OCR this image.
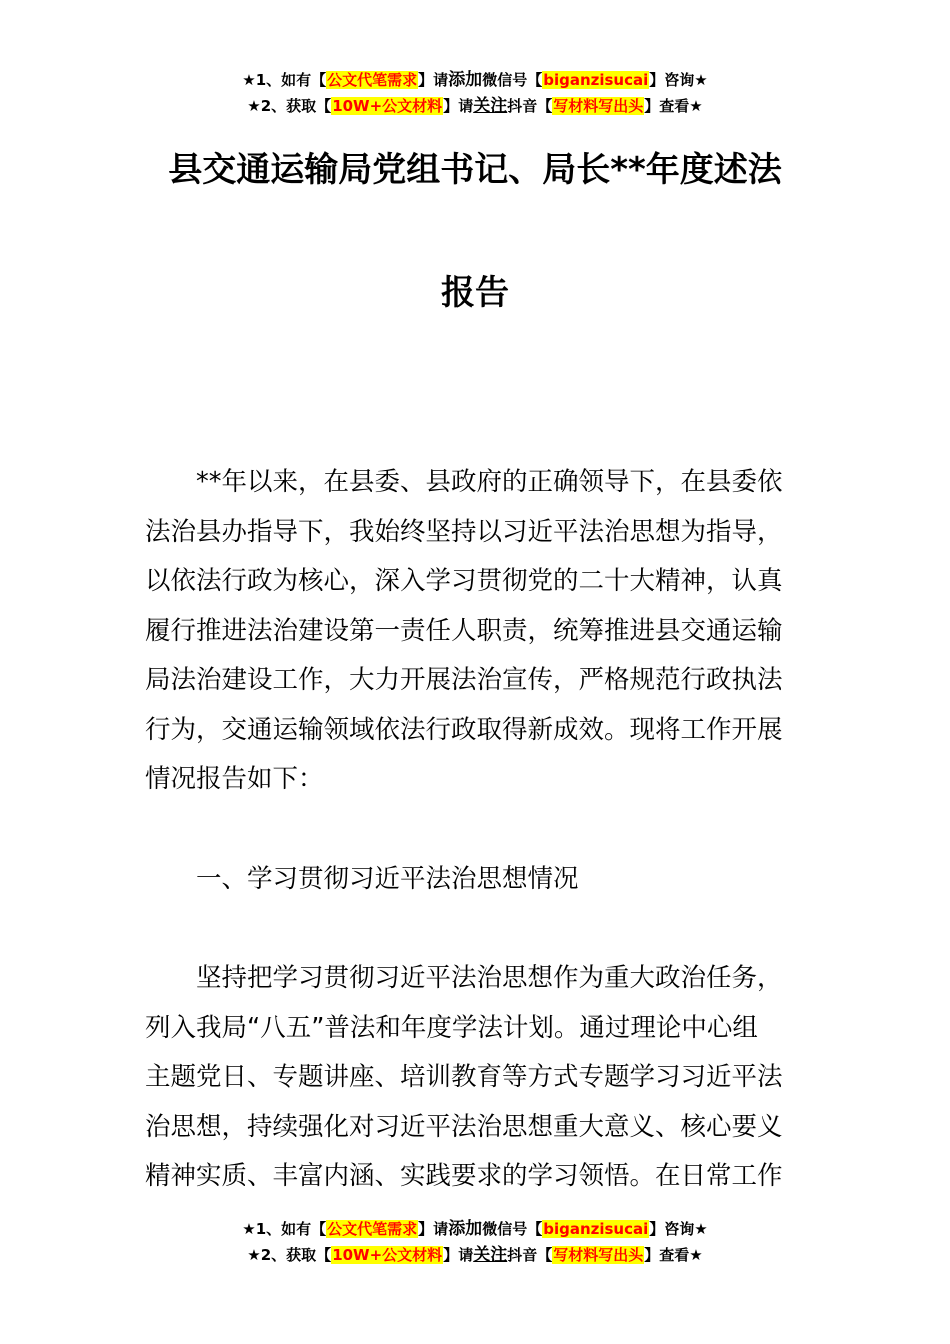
★1、如有【公文代笔需求】请添加微信号【biganzisucai】咨询★
★2、获取【10W+公文材料】请关注抖音【写材料写出头】查看★
县交通运输局党组书记、局长**年度述法
报告
**年以来，在县委、县政府的正确领导下，在县委依
法治县办指导下，我始终坚持以习近平法治思想为指导，
以依法行政为核心，深入学习贯彻党的二十大精神，认真
履行推进法治建设第一责任人职责，统筹推进县交通运输
局法治建设工作，大力开展法治宣传，严格规范行政执法
行为，交通运输领域依法行政取得新成效。现将工作开展
情况报告如下：
一、学习贯彻习近平法治思想情况
坚持把学习贯彻习近平法治思想作为重大政治任务，
列入我局“八五”普法和年度学法计划。通过理论中心组
主题党日、专题讲座、培训教育等方式专题学习习近平法
治思想，持续强化对习近平法治思想重大意义、核心要义
精神实质、丰富内涵、实践要求的学习领悟。在日常工作
★1、如有【公文代笔需求】请添加微信号【biganzisucai】咨询★
★2、获取【10W+公文材料】请关注抖音【写材料写出头】查看★
